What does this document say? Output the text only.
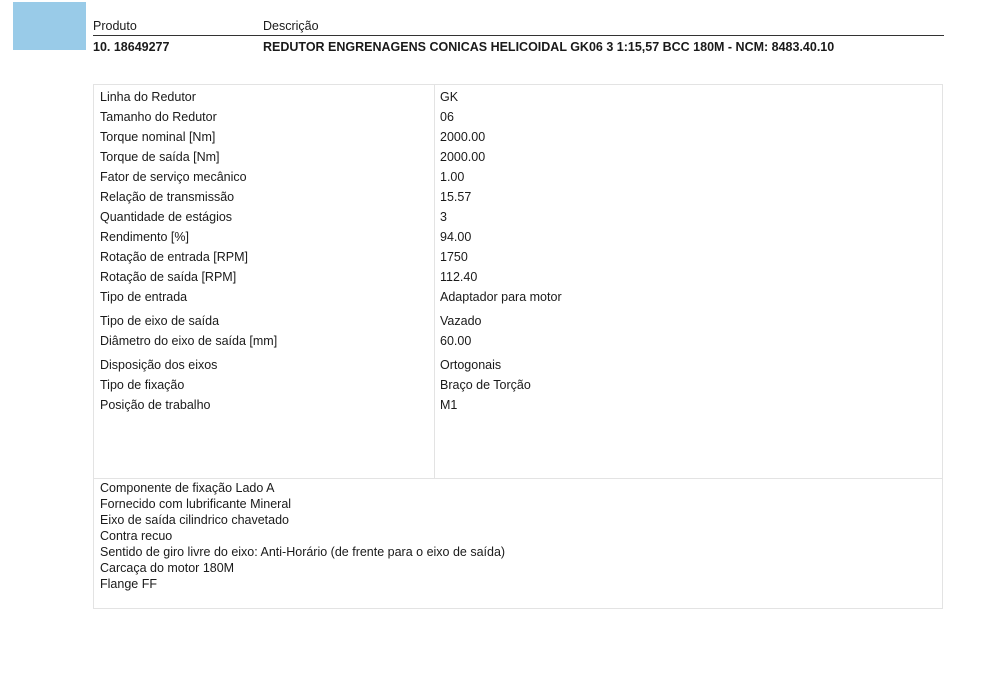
Produto	Descrição
10. 18649277	REDUTOR ENGRENAGENS CONICAS HELICOIDAL GK06 3 1:15,57 BCC 180M - NCM: 8483.40.10
Linha do Redutor	GK
Tamanho do Redutor	06
Torque nominal [Nm]	2000.00
Torque de saída [Nm]	2000.00
Fator de serviço mecânico	1.00
Relação de transmissão	15.57
Quantidade de estágios	3
Rendimento [%]	94.00
Rotação de entrada [RPM]	1750
Rotação de saída [RPM]	112.40
Tipo de entrada	Adaptador para motor
Tipo de eixo de saída	Vazado
Diâmetro do eixo de saída [mm]	60.00
Disposição dos eixos	Ortogonais
Tipo de fixação	Braço de Torção
Posição de trabalho	M1
Componente de fixação Lado A
Fornecido com lubrificante Mineral
Eixo de saída cilindrico chavetado
Contra recuo
Sentido de giro livre do eixo: Anti-Horário (de frente para o eixo de saída)
Carcaça do motor 180M
Flange FF
